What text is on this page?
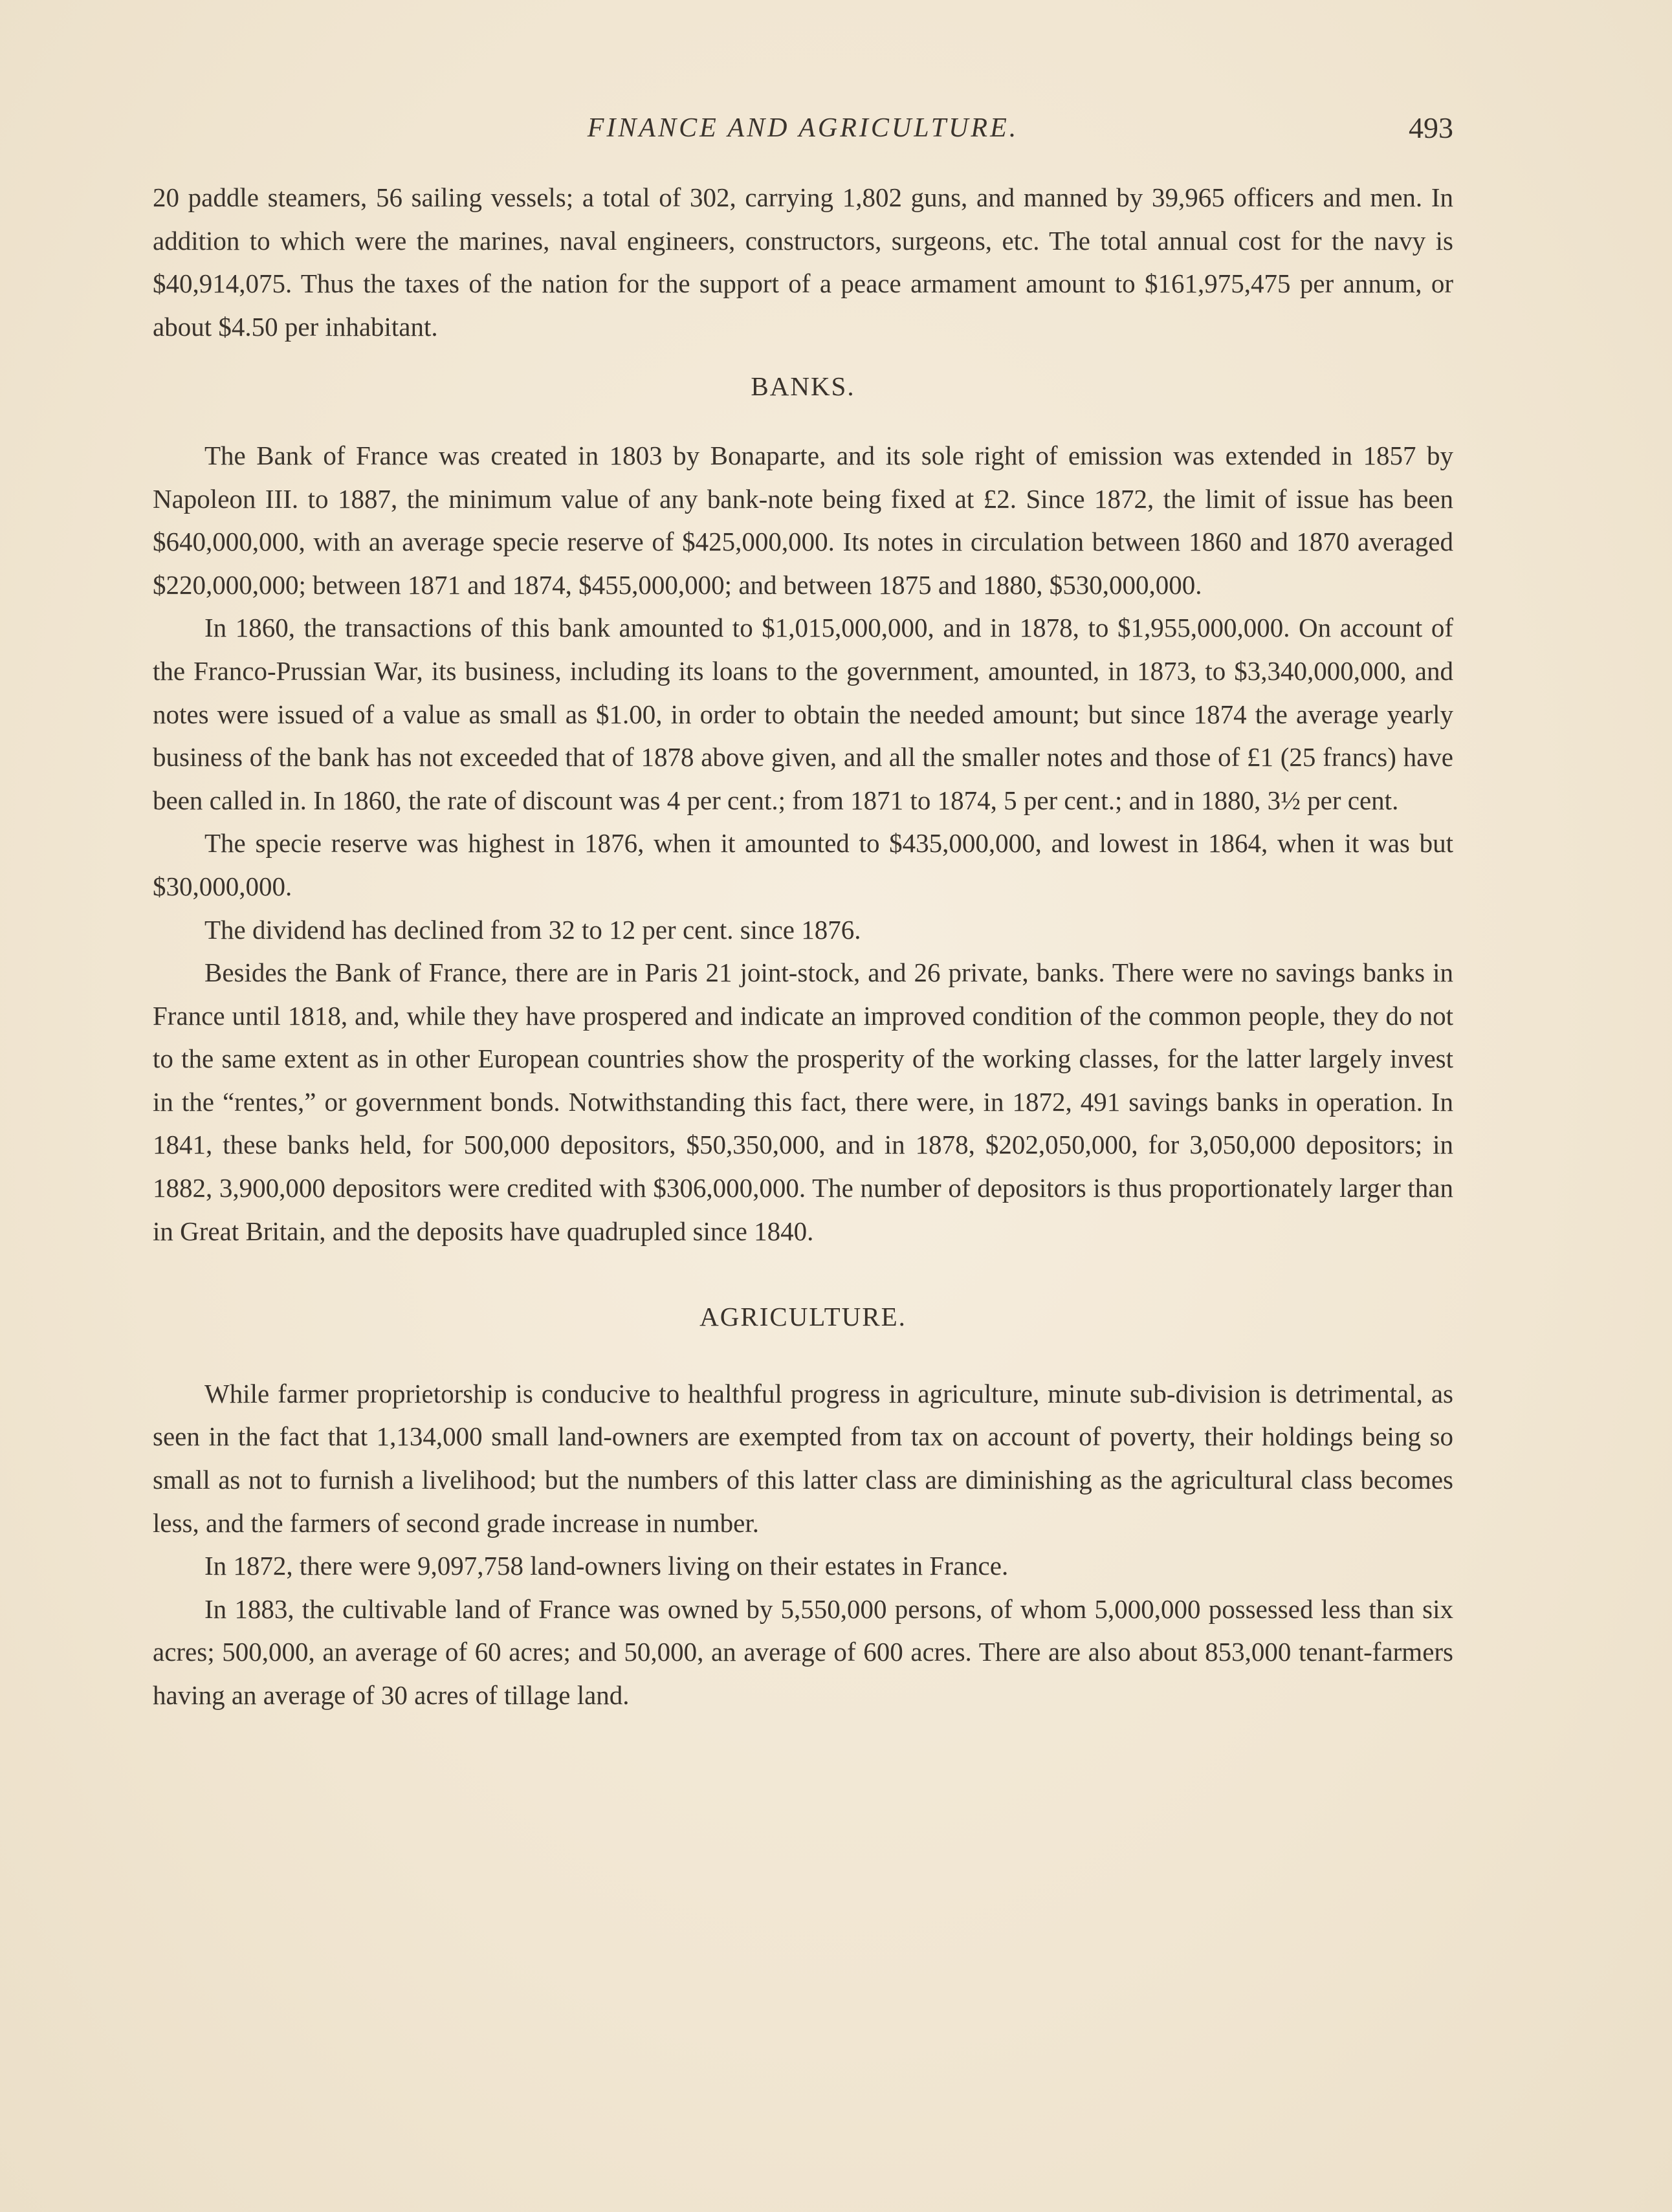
FINANCE AND AGRICULTURE.	493

20 paddle steamers, 56 sailing vessels; a total of 302, carrying 1,802 guns, and manned by 39,965 officers and men. In addition to which were the marines, naval engineers, constructors, surgeons, etc. The total annual cost for the navy is $40,914,075. Thus the taxes of the nation for the support of a peace armament amount to $161,975,475 per annum, or about $4.50 per inhabitant.

BANKS.

The Bank of France was created in 1803 by Bonaparte, and its sole right of emission was extended in 1857 by Napoleon III. to 1887, the minimum value of any bank-note being fixed at £2. Since 1872, the limit of issue has been $640,000,000, with an average specie reserve of $425,000,000. Its notes in circulation between 1860 and 1870 averaged $220,000,000; between 1871 and 1874, $455,000,000; and between 1875 and 1880, $530,000,000.

In 1860, the transactions of this bank amounted to $1,015,000,000, and in 1878, to $1,955,000,000. On account of the Franco-Prussian War, its business, including its loans to the government, amounted, in 1873, to $3,340,000,000, and notes were issued of a value as small as $1.00, in order to obtain the needed amount; but since 1874 the average yearly business of the bank has not exceeded that of 1878 above given, and all the smaller notes and those of £1 (25 francs) have been called in. In 1860, the rate of discount was 4 per cent.; from 1871 to 1874, 5 per cent.; and in 1880, 3½ per cent.

The specie reserve was highest in 1876, when it amounted to $435,000,000, and lowest in 1864, when it was but $30,000,000.

The dividend has declined from 32 to 12 per cent. since 1876.

Besides the Bank of France, there are in Paris 21 joint-stock, and 26 private, banks. There were no savings banks in France until 1818, and, while they have prospered and indicate an improved condition of the common people, they do not to the same extent as in other European countries show the prosperity of the working classes, for the latter largely invest in the “rentes,” or government bonds. Notwithstanding this fact, there were, in 1872, 491 savings banks in operation. In 1841, these banks held, for 500,000 depositors, $50,350,000, and in 1878, $202,050,000, for 3,050,000 depositors; in 1882, 3,900,000 depositors were credited with $306,000,000. The number of depositors is thus proportionately larger than in Great Britain, and the deposits have quadrupled since 1840.

AGRICULTURE.

While farmer proprietorship is conducive to healthful progress in agriculture, minute sub-division is detrimental, as seen in the fact that 1,134,000 small land-owners are exempted from tax on account of poverty, their holdings being so small as not to furnish a livelihood; but the numbers of this latter class are diminishing as the agricultural class becomes less, and the farmers of second grade increase in number.

In 1872, there were 9,097,758 land-owners living on their estates in France.

In 1883, the cultivable land of France was owned by 5,550,000 persons, of whom 5,000,000 possessed less than six acres; 500,000, an average of 60 acres; and 50,000, an average of 600 acres. There are also about 853,000 tenant-farmers having an average of 30 acres of tillage land.
